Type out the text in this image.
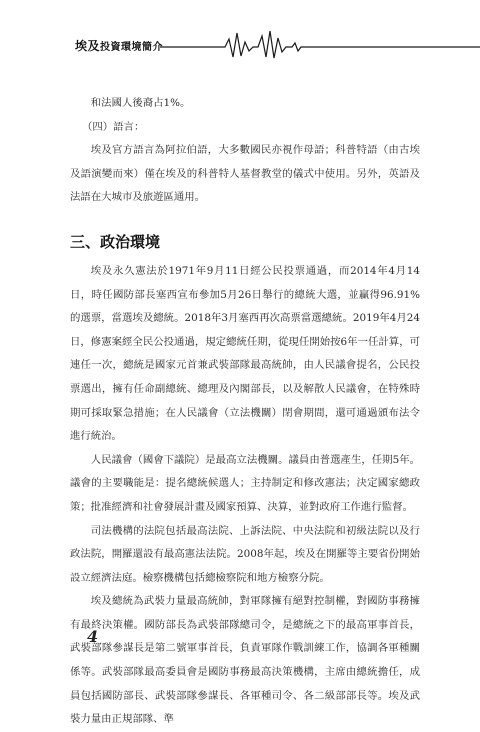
埃及投資環境簡介

和法國人後裔占1%。

（四）語言：

埃及官方語言為阿拉伯語，大多數國民亦視作母語；科普特語（由古埃及語演變而來）僅在埃及的科普特人基督教堂的儀式中使用。另外，英語及法語在大城市及旅遊區通用。

三、政治環境

埃及永久憲法於1971年9月11日經公民投票通過，而2014年4月14日，時任國防部長塞西宣布參加5月26日舉行的總統大選，並贏得96.91%的選票，當選埃及總統。2018年3月塞西再次高票當選總統。2019年4月24日，修憲案經全民公投通過，規定總統任期，從現任開始按6年一任計算，可連任一次，總統是國家元首兼武裝部隊最高統帥，由人民議會提名，公民投票選出，擁有任命副總統、總理及內閣部長，以及解散人民議會，在特殊時期可採取緊急措施；在人民議會（立法機關）閉會期間，還可通過頒布法令進行統治。

人民議會（國會下議院）是最高立法機關。議員由普選產生，任期5年。議會的主要職能是：提名總統候選人；主持制定和修改憲法；決定國家總政策；批准經濟和社會發展計畫及國家預算、決算，並對政府工作進行監督。

司法機構的法院包括最高法院、上訴法院、中央法院和初級法院以及行政法院，開羅還設有最高憲法法院。2008年起，埃及在開羅等主要省份開始設立經濟法庭。檢察機構包括總檢察院和地方檢察分院。

埃及總統為武裝力量最高統帥，對軍隊擁有絕對控制權，對國防事務擁有最終決策權。國防部長為武裝部隊總司令，是總統之下的最高軍事首長，武裝部隊參謀長是第二號軍事首長，負責軍隊作戰訓練工作，協調各軍種關係等。武裝部隊最高委員會是國防事務最高決策機構，主席由總統擔任，成員包括國防部長、武裝部隊參謀長、各軍種司令、各二級部部長等。埃及武裝力量由正規部隊、準

4
